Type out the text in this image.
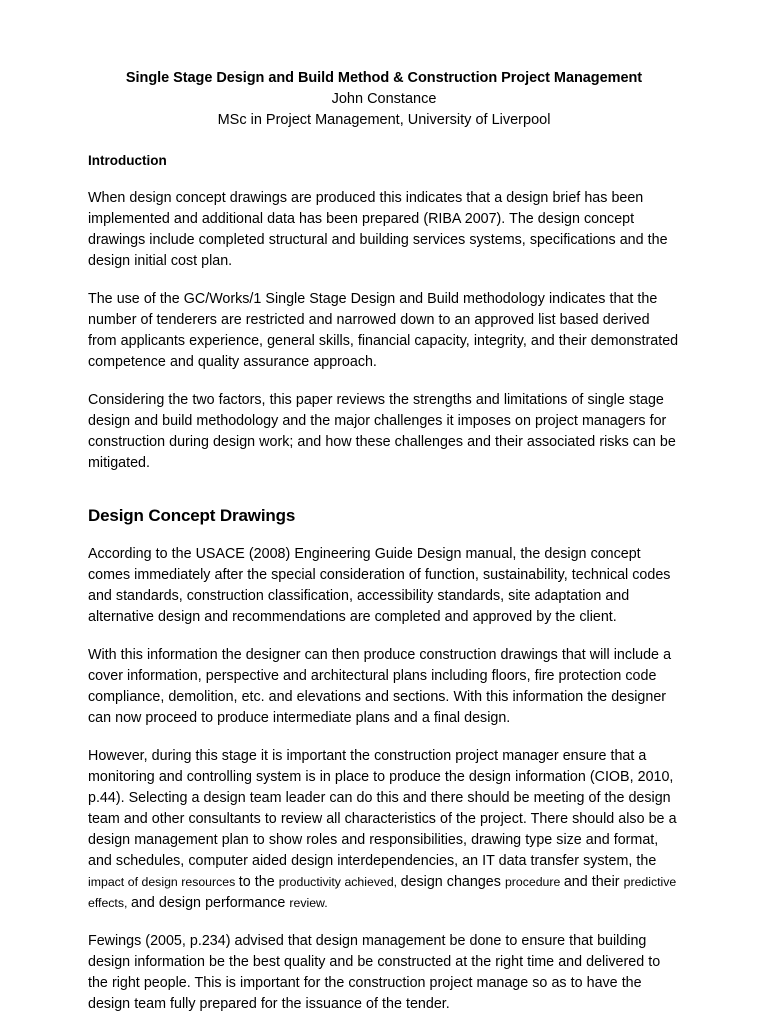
Single Stage Design and Build Method & Construction Project Management
John Constance
MSc in Project Management, University of Liverpool
Introduction

When design concept drawings are produced this indicates that a design brief has been implemented and additional data has been prepared (RIBA 2007). The design concept drawings include completed structural and building services systems, specifications and the design initial cost plan.

The use of the GC/Works/1 Single Stage Design and Build methodology indicates that the number of tenderers are restricted and narrowed down to an approved list based derived from applicants experience, general skills, financial capacity, integrity, and their demonstrated competence and quality assurance approach.

Considering the two factors, this paper reviews the strengths and limitations of single stage design and build methodology and the major challenges it imposes on project managers for construction during design work; and how these challenges and their associated risks can be mitigated.

Design Concept Drawings

According to the USACE (2008) Engineering Guide Design manual, the design concept comes immediately after the special consideration of function, sustainability, technical codes and standards, construction classification, accessibility standards, site adaptation and alternative design and recommendations are completed and approved by the client.

With this information the designer can then produce construction drawings that will include a cover information, perspective and architectural plans including floors, fire protection code compliance, demolition, etc. and elevations and sections. With this information the designer can now proceed to produce intermediate plans and a final design.

However, during this stage it is important the construction project manager ensure that a monitoring and controlling system is in place to produce the design information (CIOB, 2010, p.44). Selecting a design team leader can do this and there should be meeting of the design team and other consultants to review all characteristics of the project. There should also be a design management plan to show roles and responsibilities, drawing type size and format, and schedules, computer aided design interdependencies, an IT data transfer system, the impact of design resources to the productivity achieved, design changes procedure and their predictive effects, and design performance review.

Fewings (2005, p.234) advised that design management be done to ensure that building design information be the best quality and be constructed at the right time and delivered to the right people. This is important for the construction project manage so as to have the design team fully prepared for the issuance of the tender.
